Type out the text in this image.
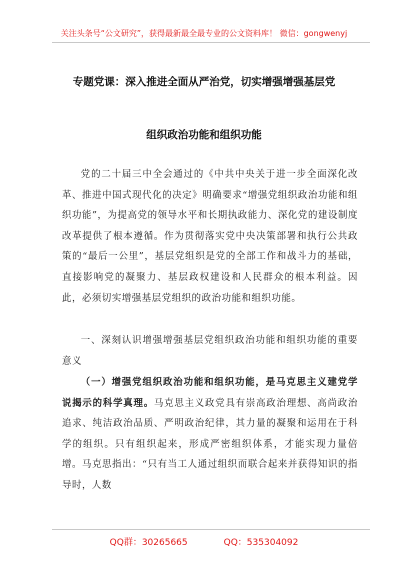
关注头条号“公文研究”，获得最新最全最专业的公文资料库！ 微信：gongwenyj
专题党课：深入推进全面从严治党，切实增强增强基层党
组织政治功能和组织功能
党的二十届三中全会通过的《中共中央关于进一步全面深化改革、推进中国式现代化的决定》明确要求“增强党组织政治功能和组织功能”，为提高党的领导水平和长期执政能力、深化党的建设制度改革提供了根本遵循。作为贯彻落实党中央决策部署和执行公共政策的“最后一公里”，基层党组织是党的全部工作和战斗力的基础，直接影响党的凝聚力、基层政权建设和人民群众的根本利益。因此，必须切实增强基层党组织的政治功能和组织功能。
一、深刻认识增强增强基层党组织政治功能和组织功能的重要意义
（一）增强党组织政治功能和组织功能，是马克思主义建党学说揭示的科学真理。马克思主义政党具有崇高政治理想、高尚政治追求、纯洁政治品质、严明政治纪律，其力量的凝聚和运用在于科学的组织。只有组织起来，形成严密组织体系，才能实现力量倍增。马克思指出：“只有当工人通过组织而联合起来并获得知识的指导时，人数
QQ群：30265665	QQ：535304092
